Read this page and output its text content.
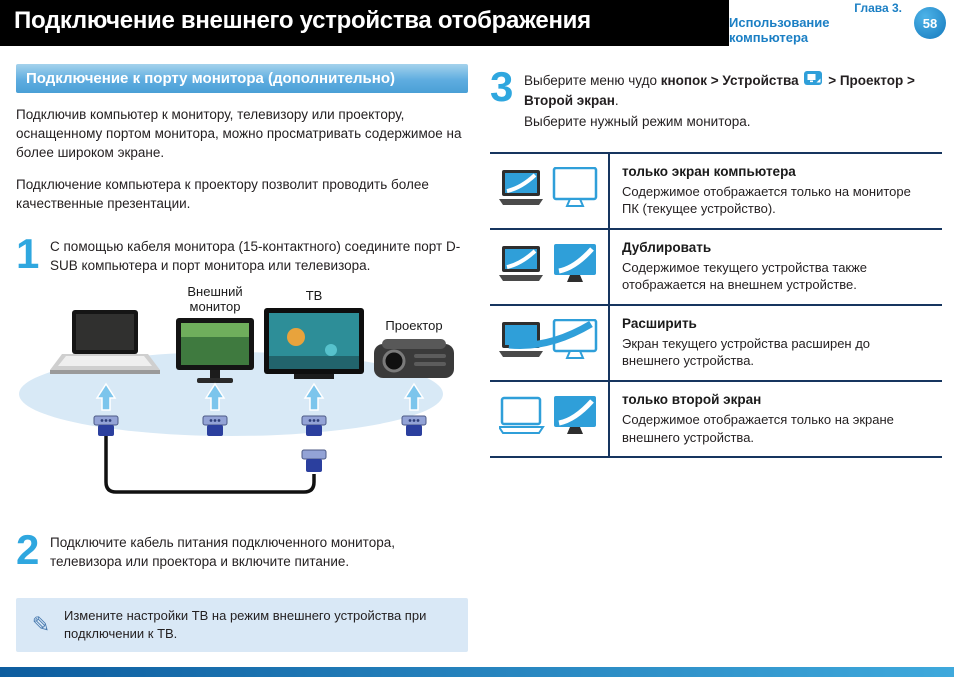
Подключение внешнего устройства отображения	Глава 3.
Использование компьютера
58
Подключение к порту монитора (дополнительно)

Подключив компьютер к монитору, телевизору или проектору, оснащенному портом монитора, можно просматривать содержимое на более широком экране.

Подключение компьютера к проектору позволит проводить более качественные презентации.

1 С помощью кабеля монитора (15-контактного) соедините порт D-SUB компьютера и порт монитора или телевизора.
Внешний
монитор
ТВ
Проектор
2 Подключите кабель питания подключенного монитора, телевизора или проектора и включите питание.
✎ Измените настройки ТВ на режим внешнего устройства при подключении к ТВ.
3 Выберите меню чудо кнопок > Устройства > Проектор > Второй экран.
Выберите нужный режим монитора.
только экран компьютера
Содержимое отображается только на мониторе ПК (текущее устройство).
Дублировать
Содержимое текущего устройства также отображается на внешнем устройстве.
Расширить
Экран текущего устройства расширен до внешнего устройства.
только второй экран
Содержимое отображается только на экране внешнего устройства.
